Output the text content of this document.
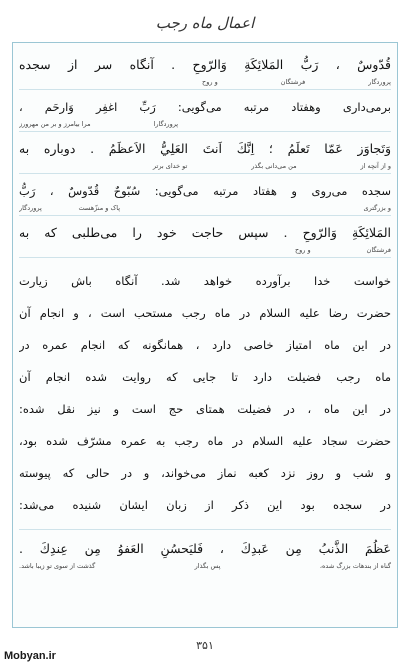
اعمال ماه رجب
قُدّوسٌ ، رَبُّ المَلائِكَةِ وَالرّوحِ . آنگاه سر از سجده
پروردگار
فرشتگان
و روح
برمی‌داری وهفتاد مرتبه می‌گویی: رَبِّ اغفِر وَارحَم ،
پروردگارا
مرا بیامرز و بر من مهرورز
وَتَجاوَز عَمّا تَعلَمُ ؛ اِنَّكَ اَنتَ العَلِيُّ الاَعظَمُ . دوباره به
و از آنچه از
من می‌دانی بگذر
تو خدای برتر
سجده می‌روی و هفتاد مرتبه می‌گویی: سُبّوحٌ قُدّوسٌ ، رَبُّ
و بزرگتری
پاک و منزّهست
پروردگار
المَلائِكَةِ وَالرّوحِ . سپس حاجت خود را می‌طلبی که به
فرشتگان
و روح
خواست خدا برآورده خواهد شد. آنگاه باش زیارت
حضرت رضا عليه السلام در ماه رجب مستحب است ، و انجام آن
در این ماه امتیاز خاصی دارد ، همانگونه که انجام عمره در
ماه رجب فضیلت دارد تا جایی که روایت شده انجام آن
در این ماه ، در فضیلت همتای حج است و نیز نقل شده:
حضرت سجاد عليه السلام در ماه رجب به عمره مشرّف شده بود،
و شب و روز نزد کعبه نماز می‌خواند، و در حالی که پیوسته
در سجده بود این ذکر از زبان ایشان شنیده می‌شد:
عَظُمَ الذَّنبُ مِن عَبدِكَ ، فَليَحسُنِ العَفوُ مِن عِندِكَ .
گناه از بندهات بزرگ شده،
پس بگذار
گذشت از سوی تو زیبا باشد.
Mobyan.ir
۳۵۱
